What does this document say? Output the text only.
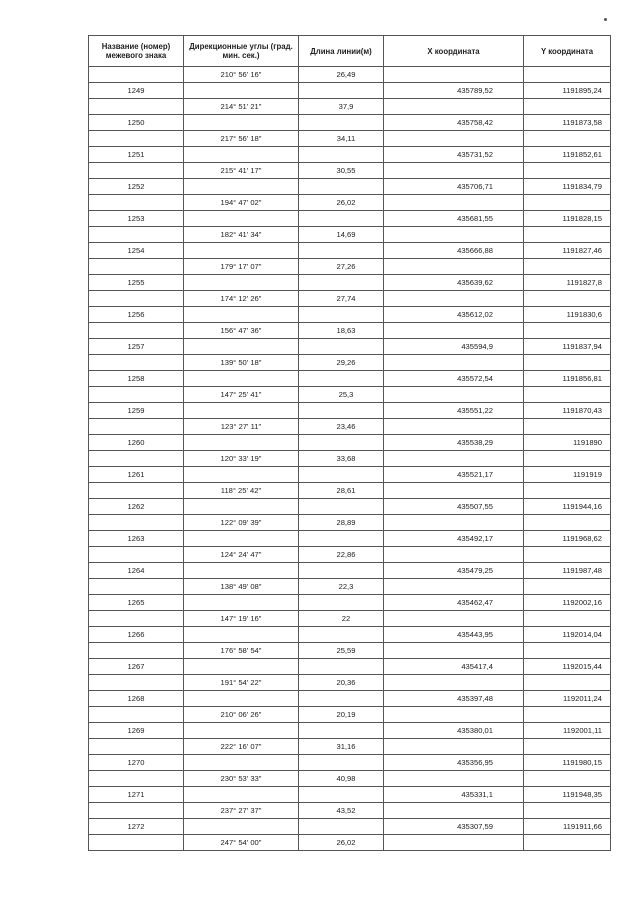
Название (номер) межевого знака	Дирекционные углы (град. мин. сек.)	Длина линии(м)	X координата	Y координата
	210° 56' 16"	26,49		
1249			435789,52	1191895,24
	214° 51' 21"	37,9		
1250			435758,42	1191873,58
	217° 56' 18"	34,11		
1251			435731,52	1191852,61
	215° 41' 17"	30,55		
1252			435706,71	1191834,79
	194° 47' 02"	26,02		
1253			435681,55	1191828,15
	182° 41' 34"	14,69		
1254			435666,88	1191827,46
	179° 17' 07"	27,26		
1255			435639,62	1191827,8
	174° 12' 26"	27,74		
1256			435612,02	1191830,6
	156° 47' 36"	18,63		
1257			435594,9	1191837,94
	139° 50' 18"	29,26		
1258			435572,54	1191856,81
	147° 25' 41"	25,3		
1259			435551,22	1191870,43
	123° 27' 11"	23,46		
1260			435538,29	1191890
	120° 33' 19"	33,68		
1261			435521,17	1191919
	118° 25' 42"	28,61		
1262			435507,55	1191944,16
	122° 09' 39"	28,89		
1263			435492,17	1191968,62
	124° 24' 47"	22,86		
1264			435479,25	1191987,48
	138° 49' 08"	22,3		
1265			435462,47	1192002,16
	147° 19' 16"	22		
1266			435443,95	1192014,04
	176° 58' 54"	25,59		
1267			435417,4	1192015,44
	191° 54' 22"	20,36		
1268			435397,48	1192011,24
	210° 06' 26"	20,19		
1269			435380,01	1192001,11
	222° 16' 07"	31,16		
1270			435356,95	1191980,15
	230° 53' 33"	40,98		
1271			435331,1	1191948,35
	237° 27' 37"	43,52		
1272			435307,59	1191911,66
	247° 54' 00"	26,02		
